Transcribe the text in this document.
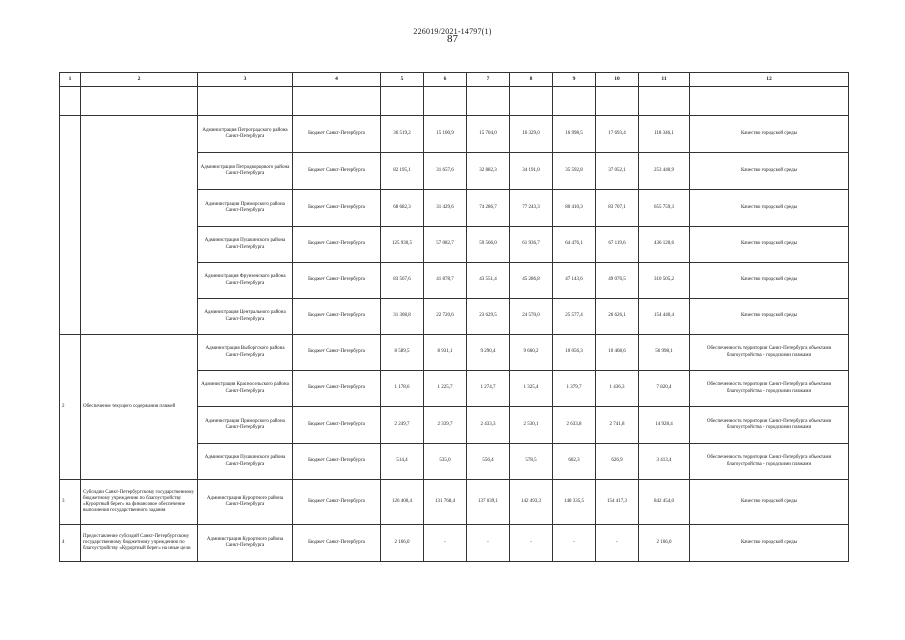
226019/2021-14797(1)
87
1	2	3	4	5	6	7	8	9	10	11	12

		Администрация Петроградского района Санкт-Петербурга	Бюджет Санкт-Петербурга	36 519,2	15 100,9	15 704,0	16 329,0	16 998,5	17 693,4	118 346,1	Качество городской среды
		Администрация Петродворцового района Санкт-Петербурга	Бюджет Санкт-Петербурга	82 195,1	31 657,6	32 882,3	34 191,0	35 592,8	37 052,1	253 440,9	Качество городской среды
		Администрация Приморского района Санкт-Петербурга	Бюджет Санкт-Петербурга	68 682,3	31 429,6	74 286,7	77 243,3	80 410,3	83 707,1	655 759,3	Качество городской среды
		Администрация Пушкинского района Санкт-Петербурга	Бюджет Санкт-Петербурга	125 930,5	57 082,7	59 566,0	61 936,7	64 476,1	67 119,6	436 120,6	Качество городской среды
		Администрация Фрунзенского района Санкт-Петербурга	Бюджет Санкт-Петербурга	83 567,6	41 878,7	43 551,4	45 286,8	47 143,6	49 076,5	310 505,2	Качество городской среды
		Администрация Центрального района Санкт-Петербурга	Бюджет Санкт-Петербурга	31 308,8	22 720,6	23 629,5	24 570,0	25 577,4	26 626,1	154 440,4	Качество городской среды
2	Обеспечение текущего содержания пляжей	Администрация Выборгского района Санкт-Петербурга	Бюджет Санкт-Петербурга	8 589,5	8 931,1	9 290,4	9 660,2	10 056,3	10 468,6	56 998,1	Обеспеченность территории Санкт-Петербурга объектами благоустройства - городскими пляжами
		Администрация Красносельского района Санкт-Петербурга	Бюджет Санкт-Петербурга	1 178,6	1 225,7	1 274,7	1 325,4	1 379,7	1 436,3	7 820,4	Обеспеченность территории Санкт-Петербурга объектами благоустройства - городскими пляжами
		Администрация Приморского района Санкт-Петербурга	Бюджет Санкт-Петербурга	2 249,7	2 339,7	2 433,3	2 530,1	2 633,8	2 741,8	14 928,4	Обеспеченность территории Санкт-Петербурга объектами благоустройства - городскими пляжами
		Администрация Пушкинского района Санкт-Петербурга	Бюджет Санкт-Петербурга	514,4	535,0	556,4	578,5	602,3	626,9	3 413,4	Обеспеченность территории Санкт-Петербурга объектами благоустройства - городскими пляжами
3	Субсидии Санкт-Петербургскому государственному бюджетному учреждению по благоустройству «Курортный берег» на финансовое обеспечение выполнения государственного задания	Администрация Курортного района Санкт-Петербурга	Бюджет Санкт-Петербурга	126 400,4	131 768,4	137 039,1	142 493,3	148 335,5	154 417,3	842 454,0	Качество городской среды
4	Предоставление субсидий Санкт-Петербургскому государственному бюджетному учреждению по благоустройству «Курортный берег» на иные цели	Администрация Курортного района Санкт-Петербурга	Бюджет Санкт-Петербурга	2 166,0	-	-	-	-	-	2 166,0	Качество городской среды
